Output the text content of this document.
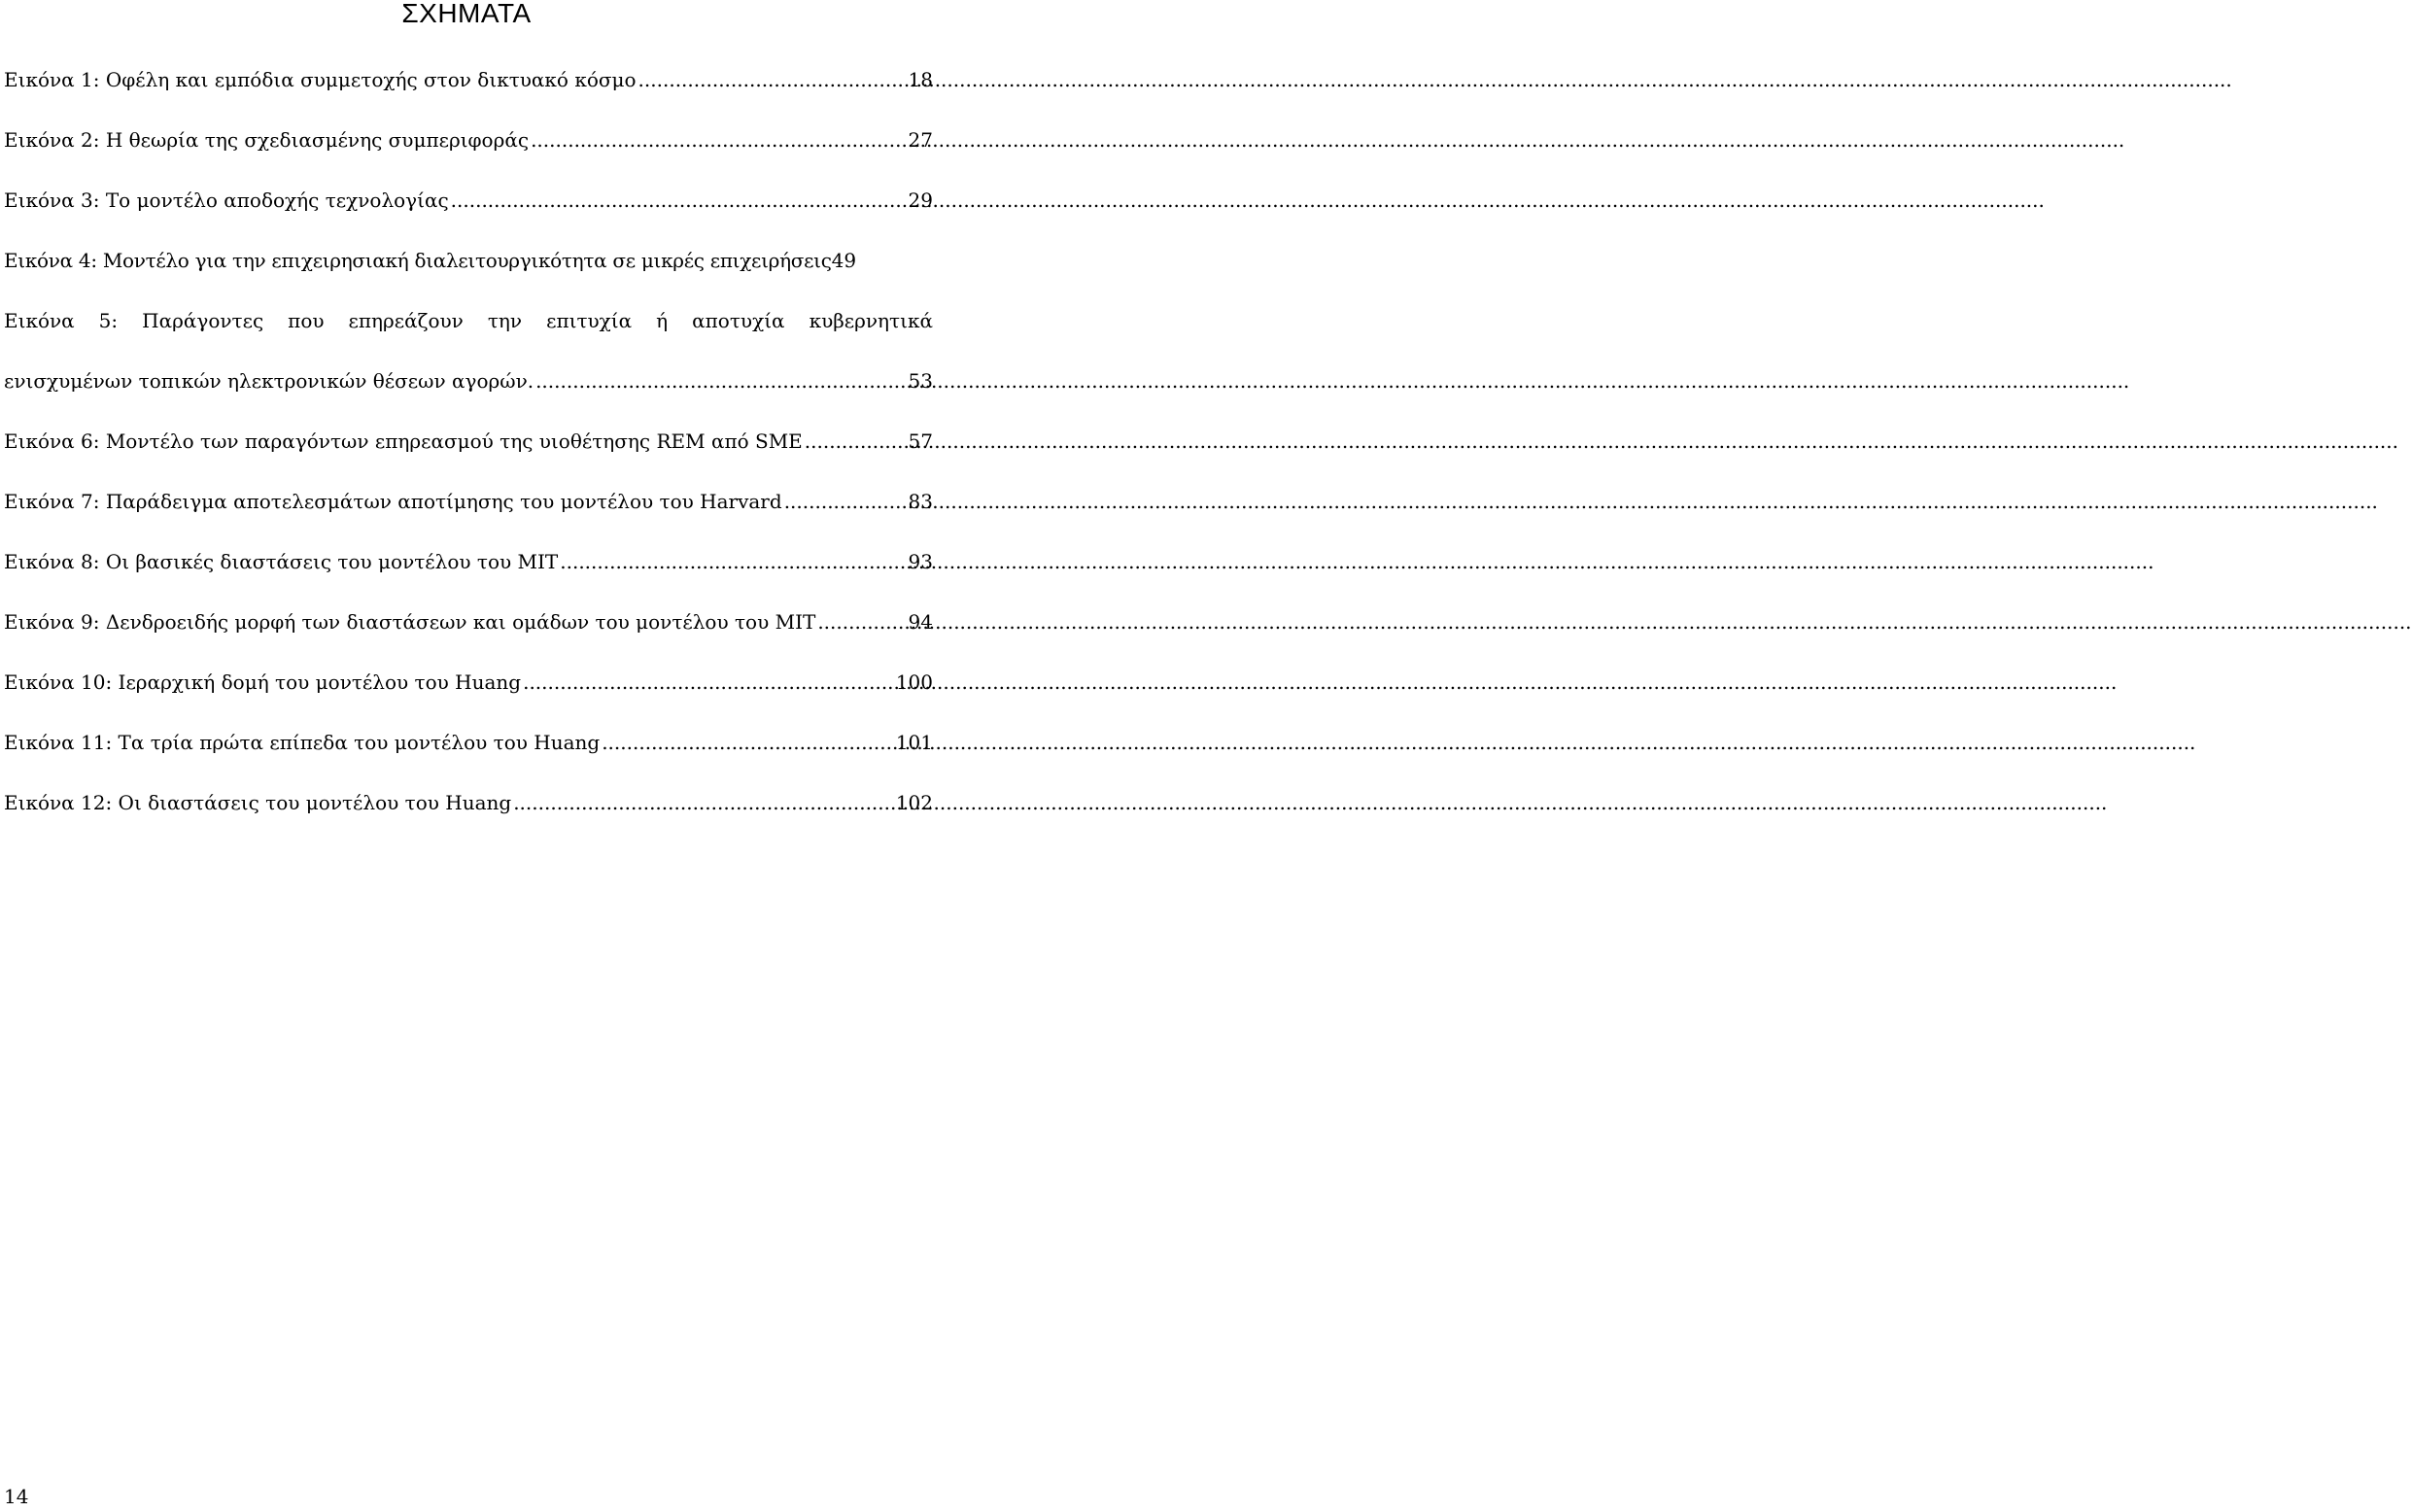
ΣΧΗΜΑΤΑ
Εικόνα 1: Οφέλη και εμπόδια συμμετοχής στον δικτυακό κόσμο .....	18
Εικόνα 2: Η θεωρία της σχεδιασμένης συμπεριφοράς .....	27
Εικόνα 3: Το μοντέλο αποδοχής τεχνολογίας .....	29
Εικόνα 4: Μοντέλο για την επιχειρησιακή διαλειτουργικότητα σε μικρές επιχειρήσεις 49
Εικόνα 5: Παράγοντες που επηρεάζουν την επιτυχία ή αποτυχία κυβερνητικά
ενισχυμένων τοπικών ηλεκτρονικών θέσεων αγορών. .....	53
Εικόνα 6: Μοντέλο των παραγόντων επηρεασμού της υιοθέτησης REM από SME .....	57
Εικόνα 7: Παράδειγμα αποτελεσμάτων αποτίμησης του μοντέλου του Harvard .....	83
Εικόνα 8: Οι βασικές διαστάσεις του μοντέλου του MIT .....	93
Εικόνα 9: Δενδροειδής μορφή των διαστάσεων και ομάδων του μοντέλου του MIT .....	94
Εικόνα 10: Ιεραρχική δομή του μοντέλου του Huang .....	100
Εικόνα 11: Τα τρία πρώτα επίπεδα του μοντέλου του Huang .....	101
Εικόνα 12: Οι διαστάσεις του μοντέλου του Huang .....	102
14
